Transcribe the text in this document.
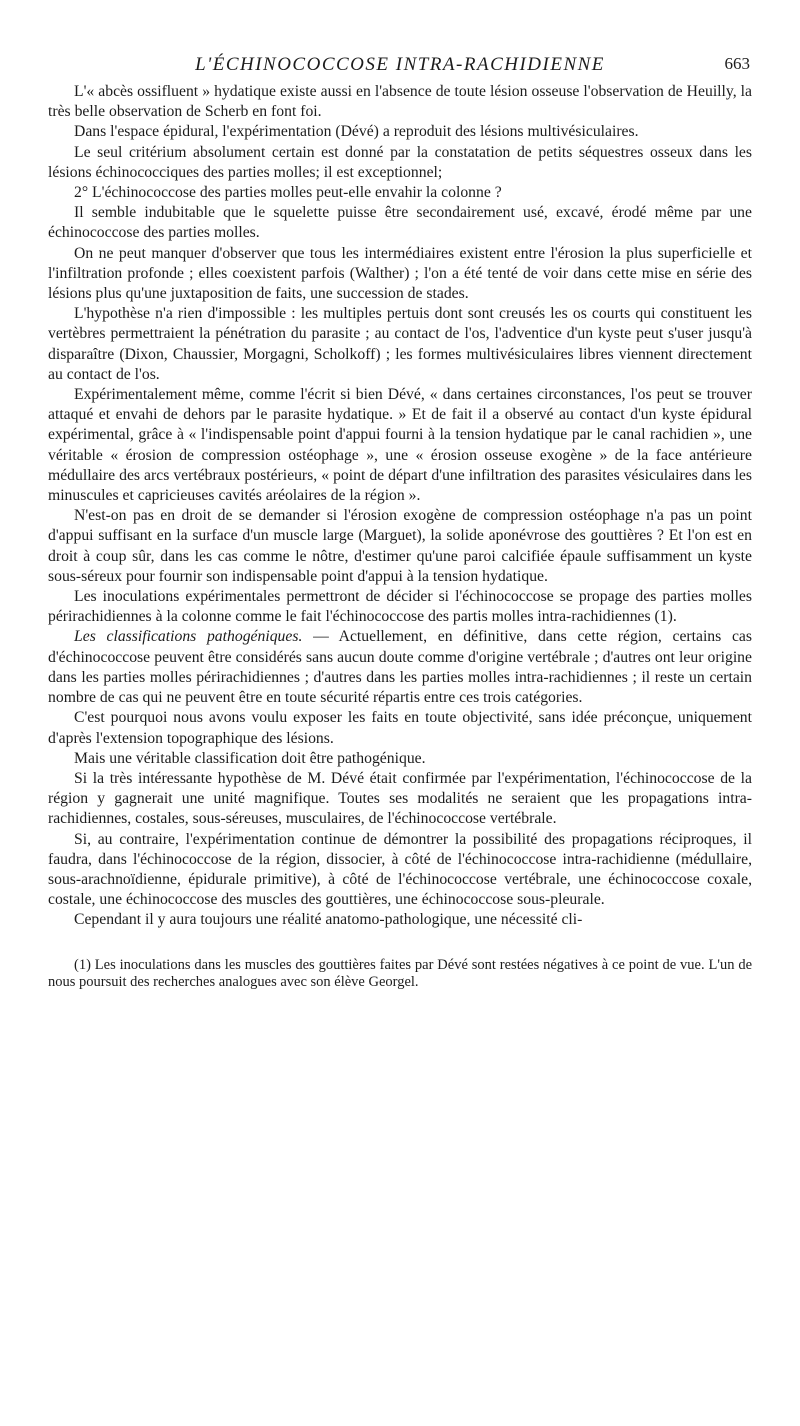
L'ÉCHINOCOCCOSE INTRA-RACHIDIENNE	663

L'« abcès ossifluent » hydatique existe aussi en l'absence de toute lésion osseuse l'observation de Heuilly, la très belle observation de Scherb en font foi.

Dans l'espace épidural, l'expérimentation (Dévé) a reproduit des lésions multivésiculaires.

Le seul critérium absolument certain est donné par la constatation de petits séquestres osseux dans les lésions échinococciques des parties molles; il est exceptionnel;

2° L'échinococcose des parties molles peut-elle envahir la colonne ?

Il semble indubitable que le squelette puisse être secondairement usé, excavé, érodé même par une échinococcose des parties molles.

On ne peut manquer d'observer que tous les intermédiaires existent entre l'érosion la plus superficielle et l'infiltration profonde ; elles coexistent parfois (Walther) ; l'on a été tenté de voir dans cette mise en série des lésions plus qu'une juxtaposition de faits, une succession de stades.

L'hypothèse n'a rien d'impossible : les multiples pertuis dont sont creusés les os courts qui constituent les vertèbres permettraient la pénétration du parasite ; au contact de l'os, l'adventice d'un kyste peut s'user jusqu'à disparaître (Dixon, Chaussier, Morgagni, Scholkoff) ; les formes multivésiculaires libres viennent directement au contact de l'os.

Expérimentalement même, comme l'écrit si bien Dévé, « dans certaines circonstances, l'os peut se trouver attaqué et envahi de dehors par le parasite hydatique. » Et de fait il a observé au contact d'un kyste épidural expérimental, grâce à « l'indispensable point d'appui fourni à la tension hydatique par le canal rachidien », une véritable « érosion de compression ostéophage », une « érosion osseuse exogène » de la face antérieure médullaire des arcs vertébraux postérieurs, « point de départ d'une infiltration des parasites vésiculaires dans les minuscules et capricieuses cavités aréolaires de la région ».

N'est-on pas en droit de se demander si l'érosion exogène de compression ostéophage n'a pas un point d'appui suffisant en la surface d'un muscle large (Marguet), la solide aponévrose des gouttières ? Et l'on est en droit à coup sûr, dans les cas comme le nôtre, d'estimer qu'une paroi calcifiée épaule suffisamment un kyste sous-séreux pour fournir son indispensable point d'appui à la tension hydatique.

Les inoculations expérimentales permettront de décider si l'échinococcose se propage des parties molles périrachidiennes à la colonne comme le fait l'échinococcose des partis molles intra-rachidiennes (1).

Les classifications pathogéniques. — Actuellement, en définitive, dans cette région, certains cas d'échinococcose peuvent être considérés sans aucun doute comme d'origine vertébrale ; d'autres ont leur origine dans les parties molles périrachidiennes ; d'autres dans les parties molles intra-rachidiennes ; il reste un certain nombre de cas qui ne peuvent être en toute sécurité répartis entre ces trois catégories.

C'est pourquoi nous avons voulu exposer les faits en toute objectivité, sans idée préconçue, uniquement d'après l'extension topographique des lésions.

Mais une véritable classification doit être pathogénique.

Si la très intéressante hypothèse de M. Dévé était confirmée par l'expérimentation, l'échinococcose de la région y gagnerait une unité magnifique. Toutes ses modalités ne seraient que les propagations intra-rachidiennes, costales, sous-séreuses, musculaires, de l'échinococcose vertébrale.

Si, au contraire, l'expérimentation continue de démontrer la possibilité des propagations réciproques, il faudra, dans l'échinococcose de la région, dissocier, à côté de l'échinococcose intra-rachidienne (médullaire, sous-arachnoïdienne, épidurale primitive), à côté de l'échinococcose vertébrale, une échinococcose coxale, costale, une échinococcose des muscles des gouttières, une échinococcose sous-pleurale.

Cependant il y aura toujours une réalité anatomo-pathologique, une nécessité cli-

(1) Les inoculations dans les muscles des gouttières faites par Dévé sont restées négatives à ce point de vue. L'un de nous poursuit des recherches analogues avec son élève Georgel.
